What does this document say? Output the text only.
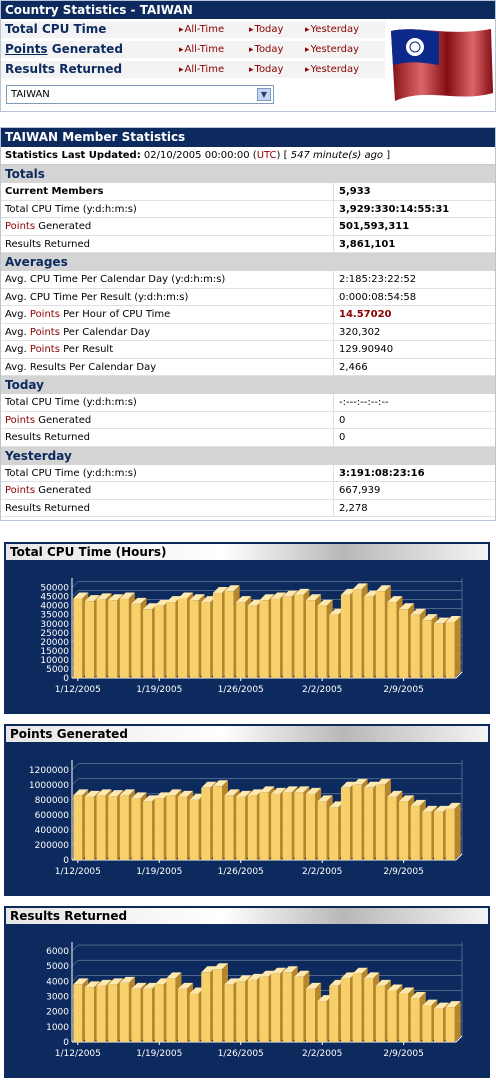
Country Statistics - TAIWAN
Total CPU Time	▸ All-Time	▸ Today	▸ Yesterday
Points Generated	▸ All-Time	▸ Today	▸ Yesterday
Results Returned	▸ All-Time	▸ Today	▸ Yesterday
TAIWAN	▼
TAIWAN Member Statistics
Statistics Last Updated: 02/10/2005 00:00:00 (UTC) [ 547 minute(s) ago ]
Totals
Current Members	5,933
Total CPU Time (y:d:h:m:s)	3,929:330:14:55:31
Points Generated	501,593,311
Results Returned	3,861,101
Averages
Avg. CPU Time Per Calendar Day (y:d:h:m:s)	2:185:23:22:52
Avg. CPU Time Per Result (y:d:h:m:s)	0:000:08:54:58
Avg. Points Per Hour of CPU Time	14.57020
Avg. Points Per Calendar Day	320,302
Avg. Points Per Result	129.90940
Avg. Results Per Calendar Day	2,466
Today
Total CPU Time (y:d:h:m:s)	-:---:--:--:--
Points Generated	0
Results Returned	0
Yesterday
Total CPU Time (y:d:h:m:s)	3:191:08:23:16
Points Generated	667,939
Results Returned	2,278
Total CPU Time (Hours)
0
5000
10000
15000
20000
25000
30000
35000
40000
45000
50000
1/12/2005	1/19/2005	1/26/2005	2/2/2005	2/9/2005
Points Generated
0
200000
400000
600000
800000
1000000
1200000
1/12/2005	1/19/2005	1/26/2005	2/2/2005	2/9/2005
Results Returned
0
1000
2000
3000
4000
5000
6000
1/12/2005	1/19/2005	1/26/2005	2/2/2005	2/9/2005
